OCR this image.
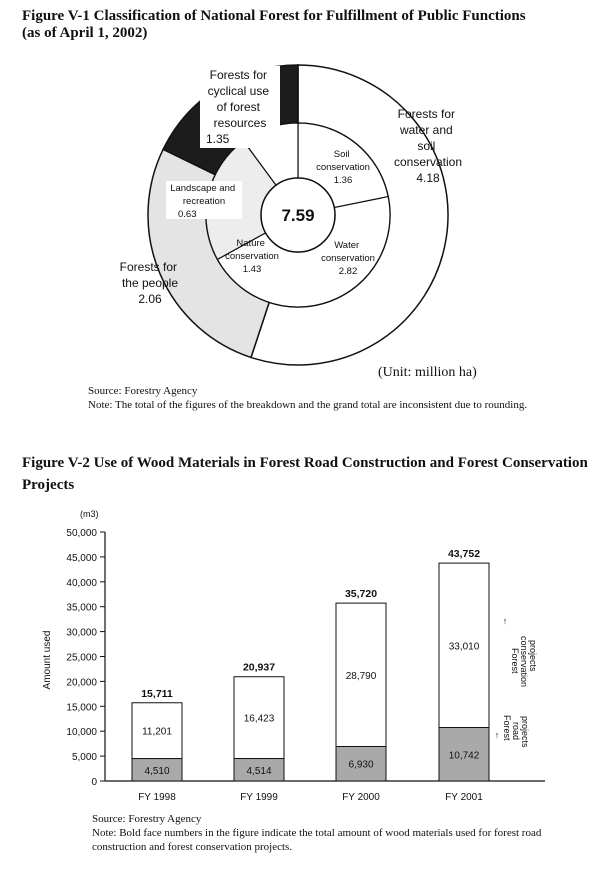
Figure V-1 Classification of National Forest for Fulfillment of Public Functions
(as of April 1, 2002)
7.59
Forests for cyclical use of forest resources
1.35
Forests for water and soil conservation
4.18
Forests for the people
2.06
Soil conservation
1.36
Water conservation
2.82
Nature conservation
1.43
Landscape and recreation
0.63
(Unit: million ha)
Source: Forestry Agency
Note: The total of the figures of the breakdown and the grand total are inconsistent due to rounding.
Figure V-2 Use of Wood Materials in Forest Road Construction and Forest Conservation Projects
(m3)
Amount used
0
5,000
10,000
15,000
20,000
25,000
30,000
35,000
40,000
45,000
50,000
4,510
11,201
15,711
FY 1998
4,514
16,423
20,937
FY 1999
6,930
28,790
35,720
FY 2000
10,742
33,010
43,752
FY 2001
↑
Forest conservation projects
↑ Forest road projects
Source: Forestry Agency
Note: Bold face numbers in the figure indicate the total amount of wood materials used for forest road construction and forest conservation projects.
